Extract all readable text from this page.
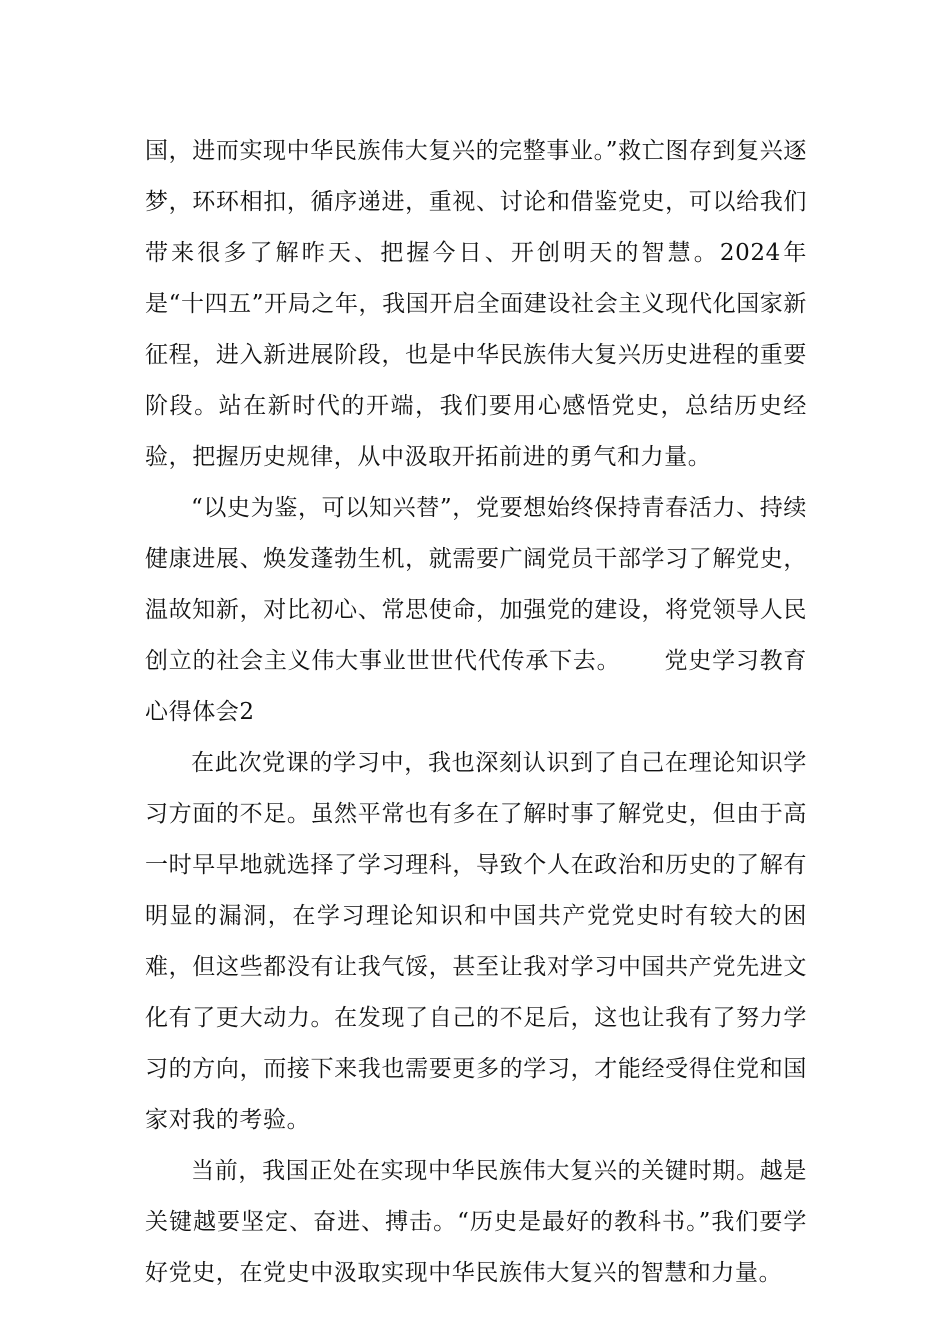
国，进而实现中华民族伟大复兴的完整事业。”救亡图存到复兴逐梦，环环相扣，循序递进，重视、讨论和借鉴党史，可以给我们带来很多了解昨天、把握今日、开创明天的智慧。2024年是“十四五”开局之年，我国开启全面建设社会主义现代化国家新征程，进入新进展阶段，也是中华民族伟大复兴历史进程的重要阶段。站在新时代的开端，我们要用心感悟党史，总结历史经验，把握历史规律，从中汲取开拓前进的勇气和力量。

“以史为鉴，可以知兴替”，党要想始终保持青春活力、持续健康进展、焕发蓬勃生机，就需要广阔党员干部学习了解党史，温故知新，对比初心、常思使命，加强党的建设，将党领导人民创立的社会主义伟大事业世世代代传承下去。　　 党史学习教育心得体会2

在此次党课的学习中，我也深刻认识到了自己在理论知识学习方面的不足。虽然平常也有多在了解时事了解党史，但由于高一时早早地就选择了学习理科，导致个人在政治和历史的了解有明显的漏洞，在学习理论知识和中国共产党党史时有较大的困难，但这些都没有让我气馁，甚至让我对学习中国共产党先进文化有了更大动力。在发现了自己的不足后，这也让我有了努力学习的方向，而接下来我也需要更多的学习，才能经受得住党和国家对我的考验。

当前，我国正处在实现中华民族伟大复兴的关键时期。越是关键越要坚定、奋进、搏击。“历史是最好的教科书。”我们要学好党史，在党史中汲取实现中华民族伟大复兴的智慧和力量。
